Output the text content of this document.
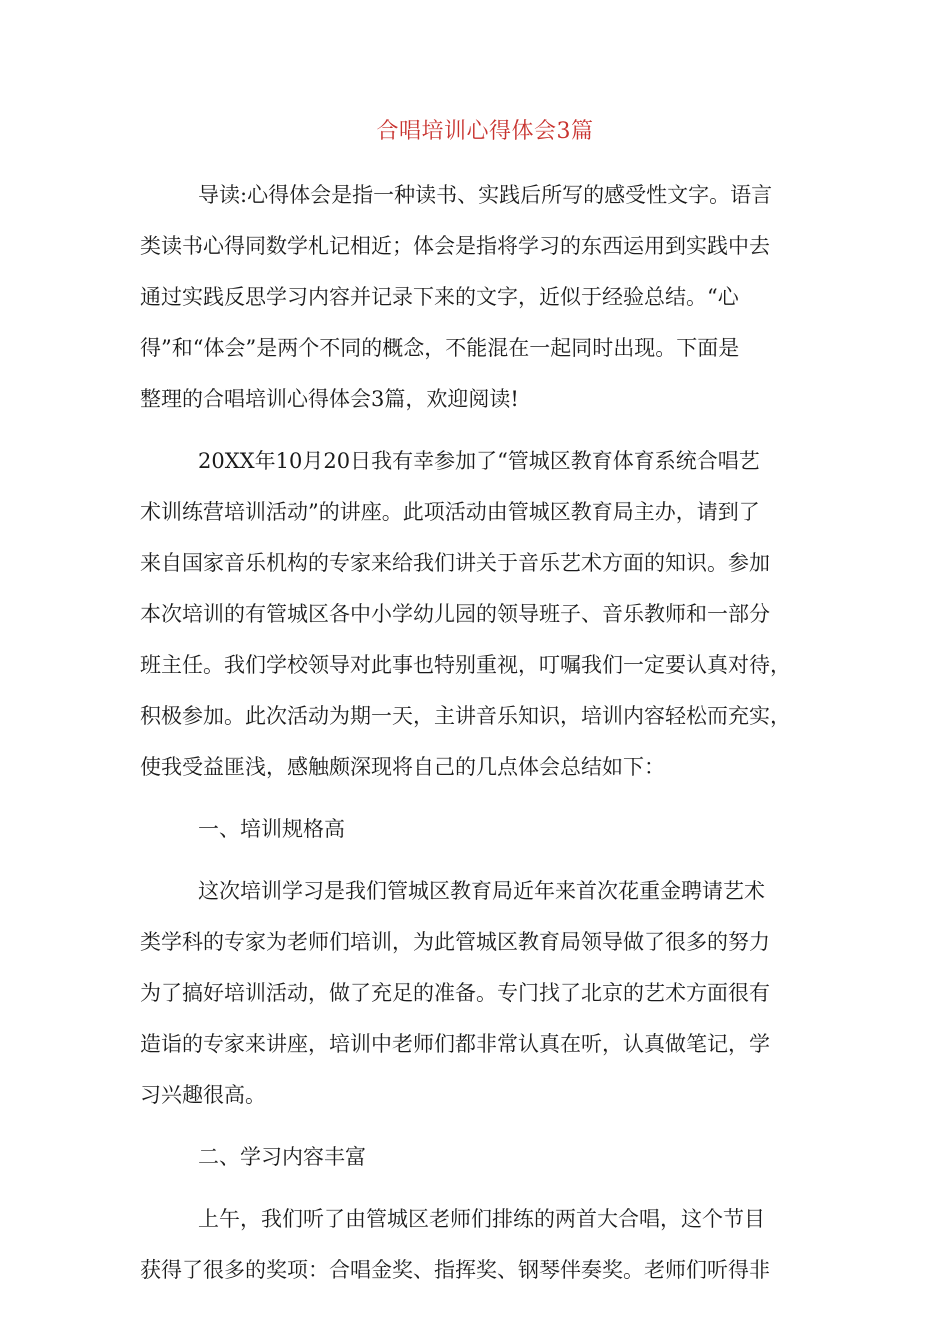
合唱培训心得体会3篇

导读:心得体会是指一种读书、实践后所写的感受性文字。语言
类读书心得同数学札记相近；体会是指将学习的东西运用到实践中去
通过实践反思学习内容并记录下来的文字，近似于经验总结。“心
得”和“体会”是两个不同的概念，不能混在一起同时出现。下面是
整理的合唱培训心得体会3篇，欢迎阅读!

20XX年10月20日我有幸参加了“管城区教育体育系统合唱艺
术训练营培训活动”的讲座。此项活动由管城区教育局主办，请到了
来自国家音乐机构的专家来给我们讲关于音乐艺术方面的知识。参加
本次培训的有管城区各中小学幼儿园的领导班子、音乐教师和一部分
班主任。我们学校领导对此事也特别重视，叮嘱我们一定要认真对待，
积极参加。此次活动为期一天，主讲音乐知识，培训内容轻松而充实，
使我受益匪浅，感触颇深现将自己的几点体会总结如下：

一、培训规格高

这次培训学习是我们管城区教育局近年来首次花重金聘请艺术
类学科的专家为老师们培训，为此管城区教育局领导做了很多的努力
为了搞好培训活动，做了充足的准备。专门找了北京的艺术方面很有
造诣的专家来讲座，培训中老师们都非常认真在听，认真做笔记，学
习兴趣很高。

二、学习内容丰富

上午，我们听了由管城区老师们排练的两首大合唱，这个节目
获得了很多的奖项：合唱金奖、指挥奖、钢琴伴奏奖。老师们听得非
